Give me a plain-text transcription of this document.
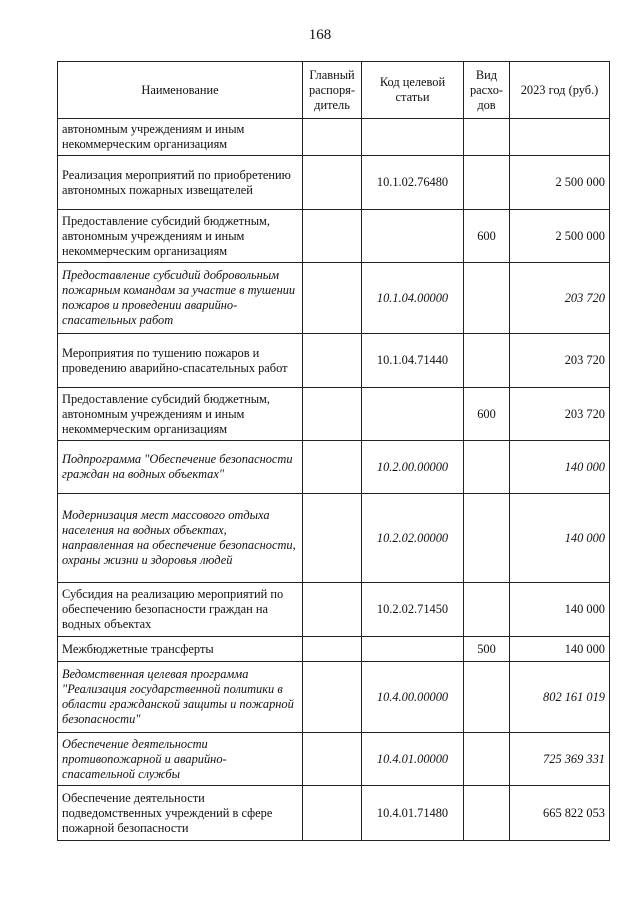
168
Наименование	Главный распоря-дитель	Код целевой статьи	Вид расхо-дов	2023 год (руб.)
автономным учреждениям и иным некоммерческим организациям				
Реализация мероприятий по приобретению автономных пожарных извещателей		10.1.02.76480		2 500 000
Предоставление субсидий бюджетным, автономным учреждениям и иным некоммерческим организациям			600	2 500 000
Предоставление субсидий добровольным пожарным командам за участие в тушении пожаров и проведении аварийно-спасательных работ		10.1.04.00000		203 720
Мероприятия по тушению пожаров и проведению аварийно-спасательных работ		10.1.04.71440		203 720
Предоставление субсидий бюджетным, автономным учреждениям и иным некоммерческим организациям			600	203 720
Подпрограмма "Обеспечение безопасности граждан на водных объектах"		10.2.00.00000		140 000
Модернизация мест массового отдыха населения на водных объектах, направленная на обеспечение безопасности, охраны жизни и здоровья людей		10.2.02.00000		140 000
Субсидия на реализацию мероприятий по обеспечению безопасности граждан на водных объектах		10.2.02.71450		140 000
Межбюджетные трансферты			500	140 000
Ведомственная целевая программа "Реализация государственной политики в области гражданской защиты и пожарной безопасности"		10.4.00.00000		802 161 019
Обеспечение деятельности противопожарной и аварийно-спасательной службы		10.4.01.00000		725 369 331
Обеспечение деятельности подведомственных учреждений в сфере пожарной безопасности		10.4.01.71480		665 822 053
